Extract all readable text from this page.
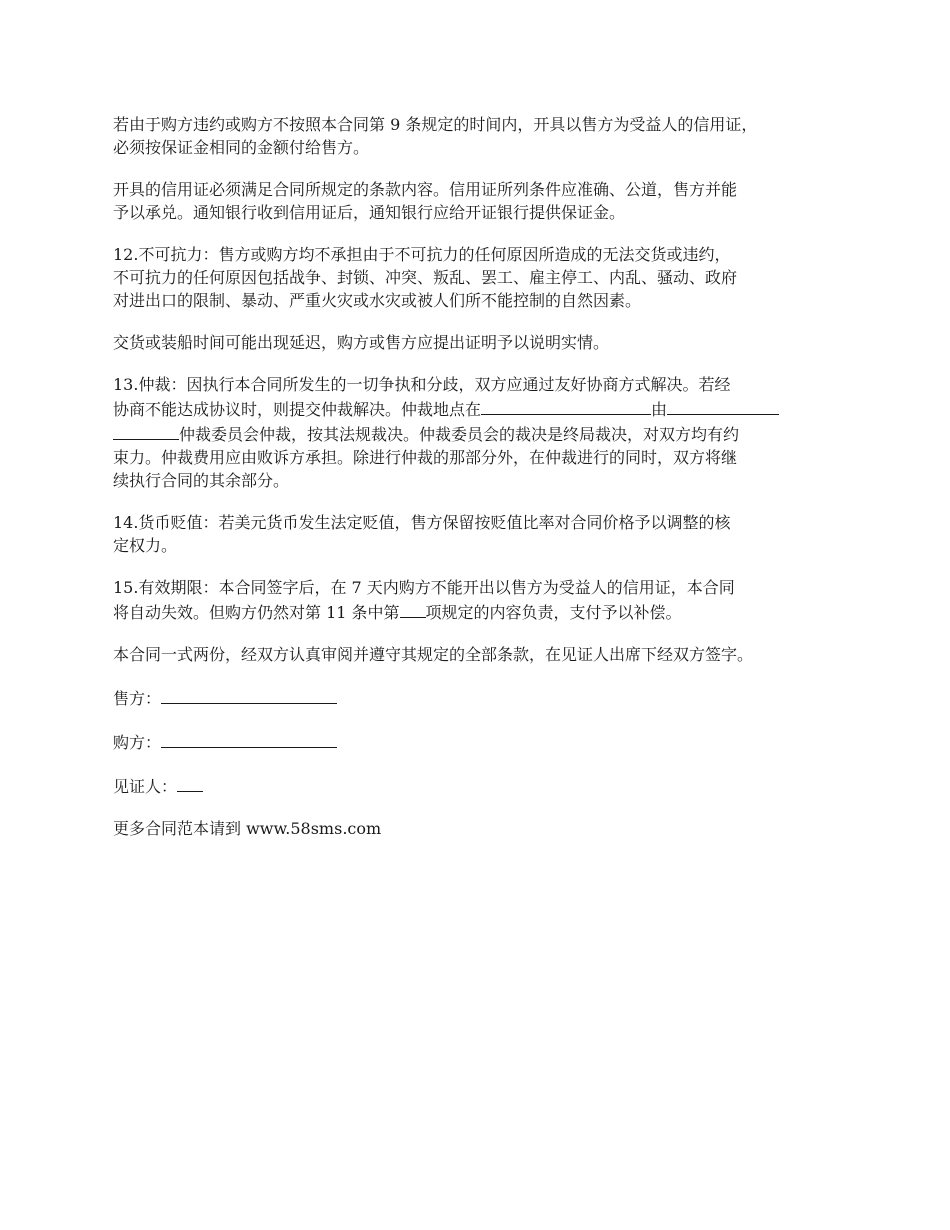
若由于购方违约或购方不按照本合同第 9 条规定的时间内，开具以售方为受益人的信用证，
必须按保证金相同的金额付给售方。

开具的信用证必须满足合同所规定的条款内容。信用证所列条件应准确、公道，售方并能
予以承兑。通知银行收到信用证后，通知银行应给开证银行提供保证金。

12.不可抗力：售方或购方均不承担由于不可抗力的任何原因所造成的无法交货或违约，
不可抗力的任何原因包括战争、封锁、冲突、叛乱、罢工、雇主停工、内乱、骚动、政府
对进出口的限制、暴动、严重火灾或水灾或被人们所不能控制的自然因素。

交货或装船时间可能出现延迟，购方或售方应提出证明予以说明实情。

13.仲裁：因执行本合同所发生的一切争执和分歧，双方应通过友好协商方式解决。若经
协商不能达成协议时，则提交仲裁解决。仲裁地点在	由
仲裁委员会仲裁，按其法规裁决。仲裁委员会的裁决是终局裁决，对双方均有约
束力。仲裁费用应由败诉方承担。除进行仲裁的那部分外，在仲裁进行的同时，双方将继
续执行合同的其余部分。

14.货币贬值：若美元货币发生法定贬值，售方保留按贬值比率对合同价格予以调整的核
定权力。

15.有效期限：本合同签字后，在 7 天内购方不能开出以售方为受益人的信用证，本合同
将自动失效。但购方仍然对第 11 条中第 项规定的内容负责，支付予以补偿。

本合同一式两份，经双方认真审阅并遵守其规定的全部条款，在见证人出席下经双方签字。

售方：
购方：
见证人：
更多合同范本请到 www.58sms.com
